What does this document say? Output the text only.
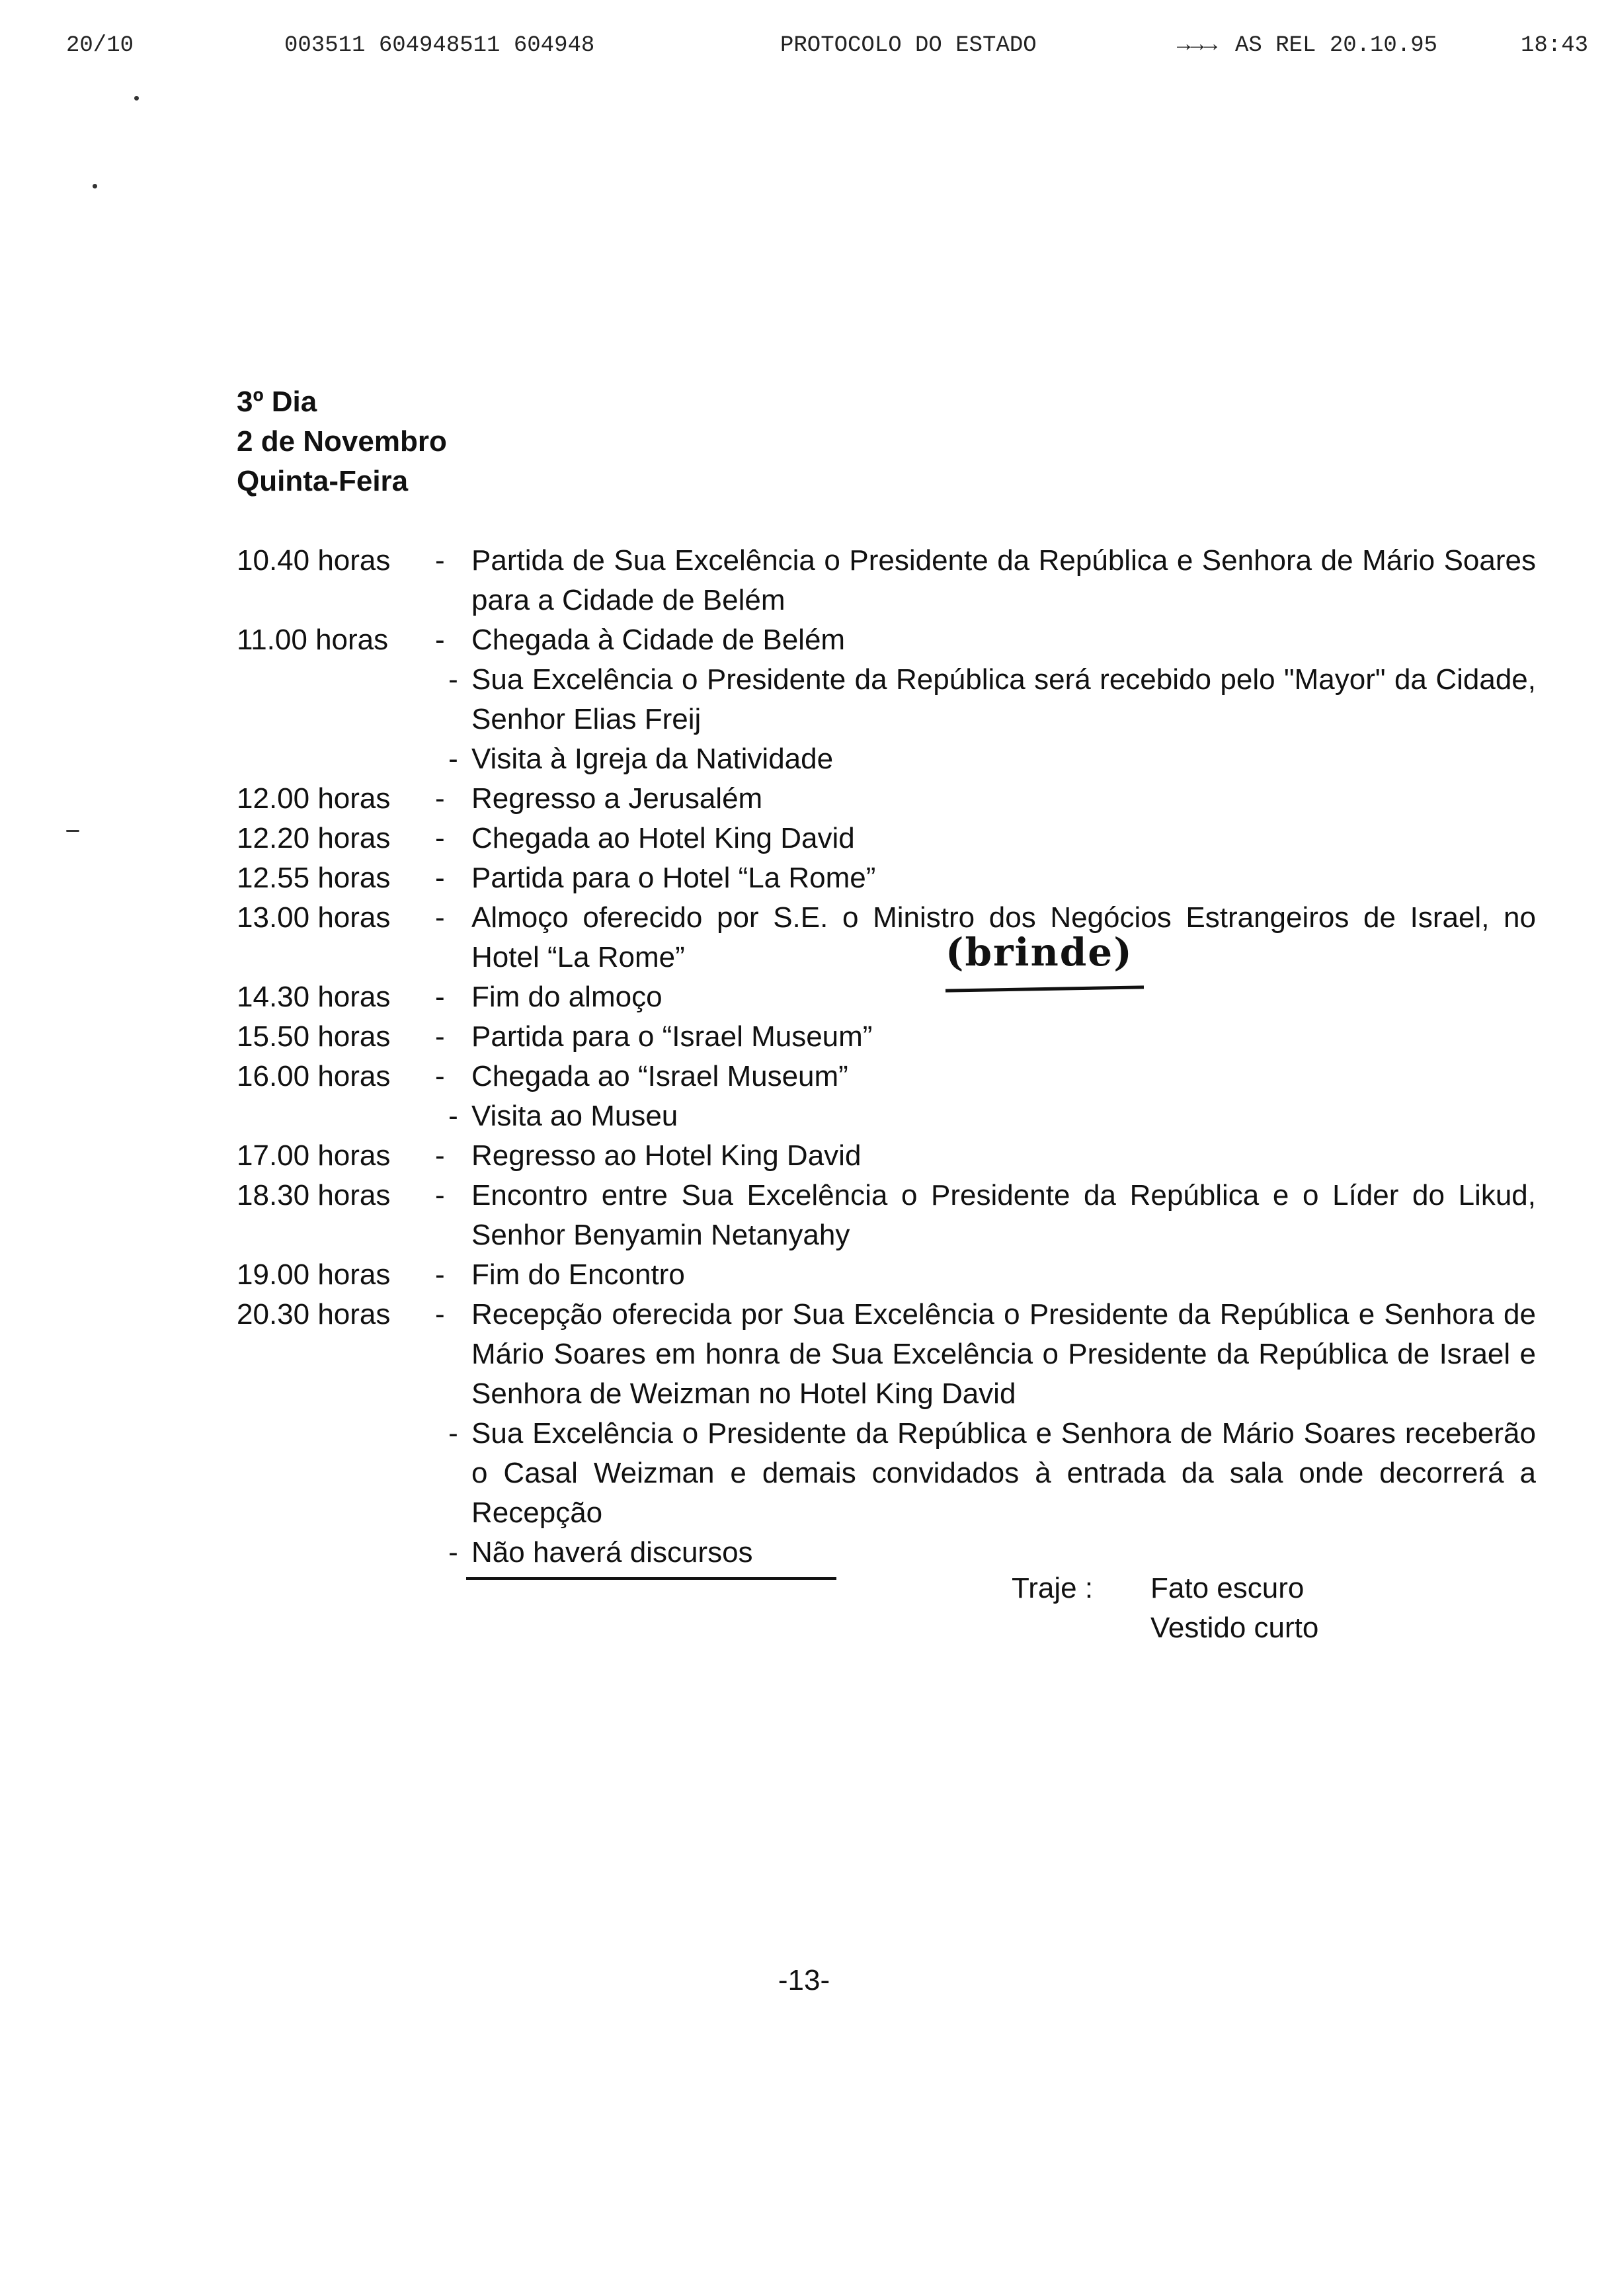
20/10	003511 604948511 604948	PROTOCOLO DO ESTADO	→→→ AS REL 20.10.95	18:43
3º Dia
2 de Novembro
Quinta-Feira
10.40 horas	- Partida de Sua Excelência o Presidente da República e Senhora de Mário Soares para a Cidade de Belém
11.00 horas	- Chegada à Cidade de Belém
- Sua Excelência o Presidente da República será recebido pelo "Mayor" da Cidade, Senhor Elias Freij
- Visita à Igreja da Natividade
12.00 horas	- Regresso a Jerusalém
12.20 horas	- Chegada ao Hotel King David
12.55 horas	- Partida para o Hotel “La Rome”
13.00 horas	- Almoço oferecido por S.E. o Ministro dos Negócios Estrangeiros de Israel, no Hotel “La Rome”
14.30 horas	- Fim do almoço
15.50 horas	- Partida para o “Israel Museum”
16.00 horas	- Chegada ao “Israel Museum”
- Visita ao Museu
17.00 horas	- Regresso ao Hotel King David
18.30 horas	- Encontro entre Sua Excelência o Presidente da República e o Líder do Likud, Senhor Benyamin Netanyahy
19.00 horas	- Fim do Encontro
20.30 horas	- Recepção oferecida por Sua Excelência o Presidente da República e Senhora de Mário Soares em honra de Sua Excelência o Presidente da República de Israel e Senhora de Weizman no Hotel King David
- Sua Excelência o Presidente da República e Senhora de Mário Soares receberão o Casal Weizman e demais convidados à entrada da sala onde decorrerá a Recepção
- Não haverá discursos
(brinde)
Traje : Fato escuro
Vestido curto
-13-
